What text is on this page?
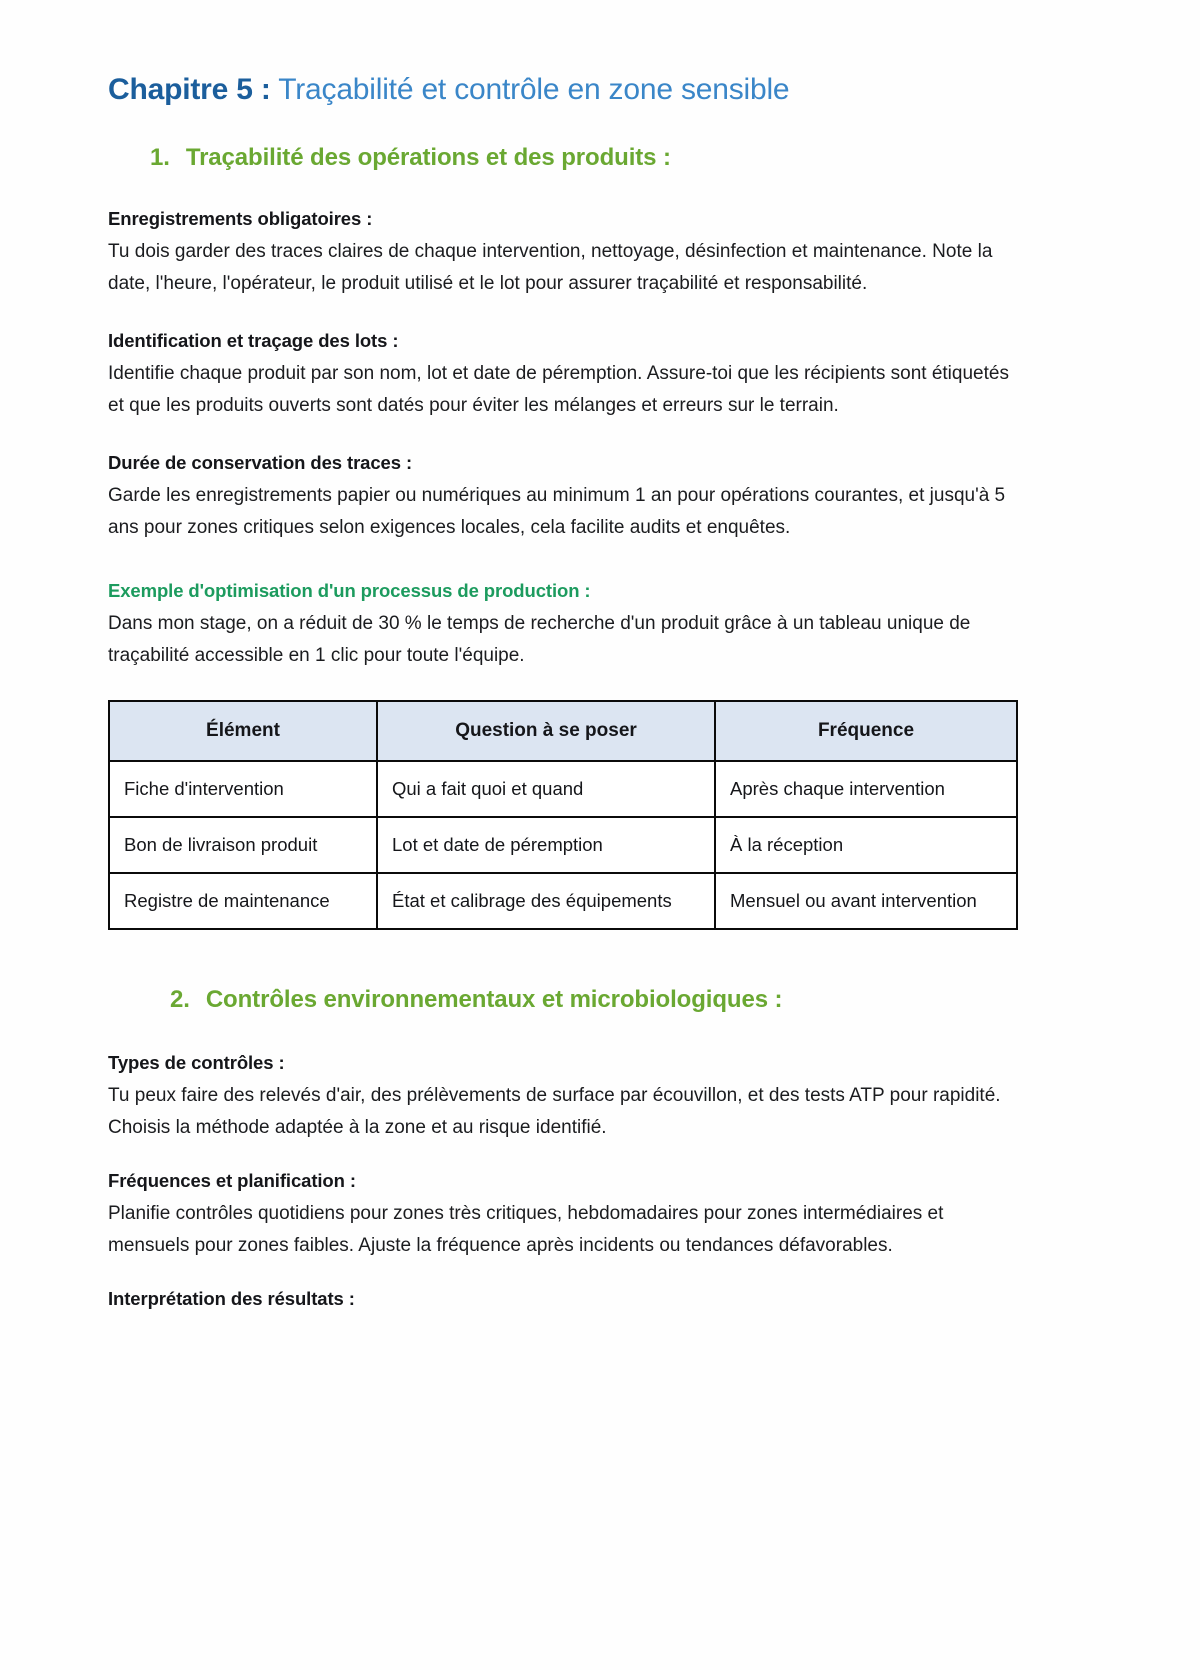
Chapitre 5 : Traçabilité et contrôle en zone sensible
1. Traçabilité des opérations et des produits :
Enregistrements obligatoires :

Tu dois garder des traces claires de chaque intervention, nettoyage, désinfection et maintenance. Note la date, l'heure, l'opérateur, le produit utilisé et le lot pour assurer traçabilité et responsabilité.

Identification et traçage des lots :

Identifie chaque produit par son nom, lot et date de péremption. Assure-toi que les récipients sont étiquetés et que les produits ouverts sont datés pour éviter les mélanges et erreurs sur le terrain.

Durée de conservation des traces :

Garde les enregistrements papier ou numériques au minimum 1 an pour opérations courantes, et jusqu'à 5 ans pour zones critiques selon exigences locales, cela facilite audits et enquêtes.

Exemple d'optimisation d'un processus de production :

Dans mon stage, on a réduit de 30 % le temps de recherche d'un produit grâce à un tableau unique de traçabilité accessible en 1 clic pour toute l'équipe.

Élément	Question à se poser	Fréquence
Fiche d'intervention	Qui a fait quoi et quand	Après chaque intervention
Bon de livraison produit	Lot et date de péremption	À la réception
Registre de maintenance	État et calibrage des équipements	Mensuel ou avant intervention
2. Contrôles environnementaux et microbiologiques :
Types de contrôles :

Tu peux faire des relevés d'air, des prélèvements de surface par écouvillon, et des tests ATP pour rapidité. Choisis la méthode adaptée à la zone et au risque identifié.

Fréquences et planification :

Planifie contrôles quotidiens pour zones très critiques, hebdomadaires pour zones intermédiaires et mensuels pour zones faibles. Ajuste la fréquence après incidents ou tendances défavorables.

Interprétation des résultats :
